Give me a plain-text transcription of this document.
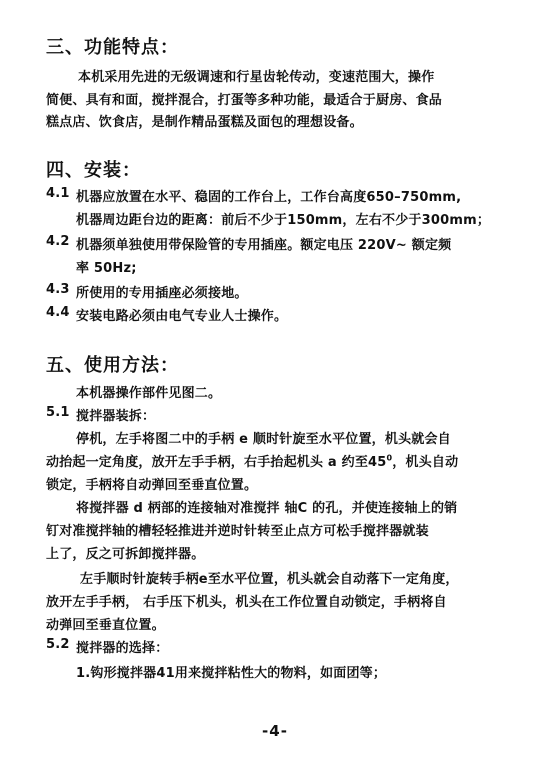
三、功能特点：
本机采用先进的无级调速和行星齿轮传动，变速范围大，操作
简便、具有和面，搅拌混合，打蛋等多种功能，最适合于厨房、食品
糕点店、饮食店，是制作精品蛋糕及面包的理想设备。
四、安装：
4.1 机器应放置在水平、稳固的工作台上，工作台高度650–750mm,
机器周边距台边的距离：前后不少于150mm，左右不少于300mm；
4.2 机器须单独使用带保险管的专用插座。额定电压 220V~ 额定频
率 50Hz;
4.3 所使用的专用插座必须接地。
4.4 安装电路必须由电气专业人士操作。
五、使用方法：
本机器操作部件见图二。
5.1 搅拌器装拆：
停机，左手将图二中的手柄 e 顺时针旋至水平位置，机头就会自
动抬起一定角度，放开左手手柄，右手抬起机头 a 约至$45^0$，机头自动
锁定，手柄将自动弹回至垂直位置。
将搅拌器 d 柄部的连接轴对准搅拌 轴C 的孔，并使连接轴上的销
钉对准搅拌轴的槽轻轻推进并逆时针转至止点方可松手搅拌器就装
上了，反之可拆卸搅拌器。
左手顺时针旋转手柄e至水平位置，机头就会自动落下一定角度，
放开左手手柄， 右手压下机头，机头在工作位置自动锁定，手柄将自
动弹回至垂直位置。
5.2 搅拌器的选择：
1.钩形搅拌器41用来搅拌粘性大的物料，如面团等；
-4-
